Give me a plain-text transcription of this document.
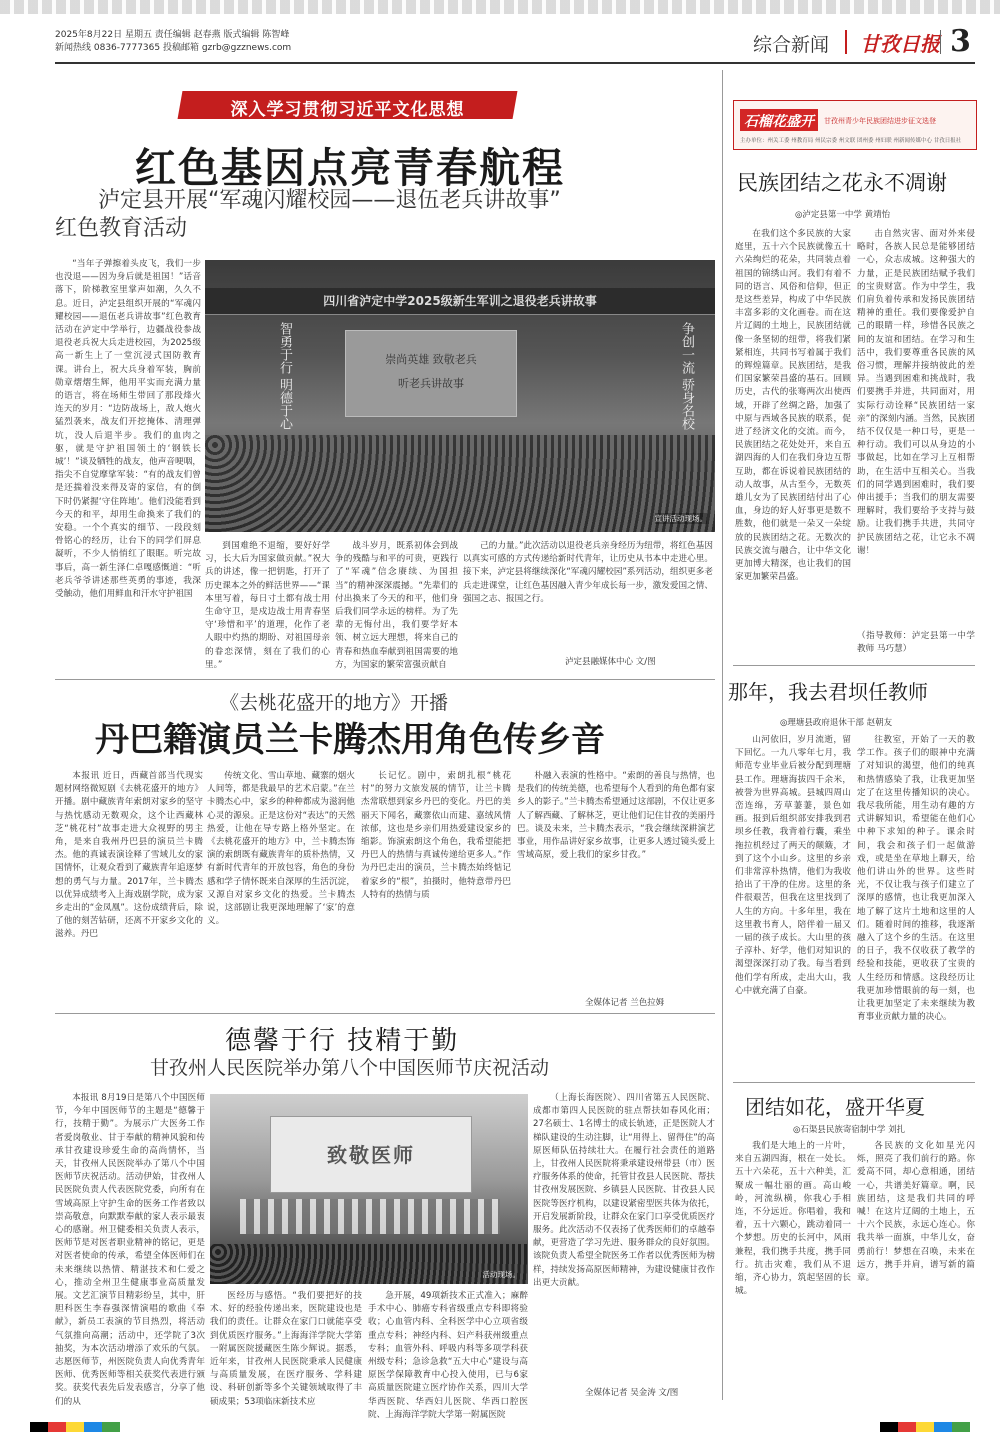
2025年8月22日 星期五 责任编辑 赵春燕 版式编辑 陈智峰
新闻热线 0836-7777365 投稿邮箱 gzrb@gzznews.com	综合新闻 甘孜日报 3
深入学习贯彻习近平文化思想
红色基因点亮青春航程
泸定县开展“军魂闪耀校园——退伍老兵讲故事”
红色教育活动

“当年子弹擦着头皮飞，我们一步也没退——因为身后就是祖国！”话音落下，阶梯教室里掌声如潮，久久不息。近日，泸定县组织开展的“军魂闪耀校园——退伍老兵讲故事”红色教育活动在泸定中学举行，边疆战役参战退役老兵祝大兵走进校园，为2025级高一新生上了一堂沉浸式国防教育课。讲台上，祝大兵身着军装，胸前勋章熠熠生辉，他用平实而充满力量的语言，将在场师生带回了那段烽火连天的岁月：“边防战场上，敌人炮火猛烈袭来，战友们开挖掩体、清理弹坑，没人后退半步。我们的血肉之躯，就是守护祖国领土的‘钢铁长城’！”谈及牺牲的战友，他声音哽咽，指尖不自觉摩挲军装：“有的战友们曾是还揣着没来得及寄的家信，有的倒下时仍紧握‘守住阵地’。他们没能看到今天的和平，却用生命换来了我们的安稳。一个个真实的细节、一段段刻骨铭心的经历，让台下的同学们屏息凝听，不少人悄悄红了眼眶。听完故事后，高一新生泽仁卓嘎感慨道：“听老兵爷爷讲述那些英勇的事迹，我深受触动，他们用鲜血和汗水守护祖国

四川省泸定中学2025级新生军训之退役老兵讲故事
智勇于行 明德于心	争创一流 骄身名校
崇尚英雄 致敬老兵
听老兵讲故事
宣讲活动现场。

到国难绝不退缩，要好好学习，长大后为国家做贡献。”祝大兵的讲述，像一把钥匙，打开了历史课本之外的鲜活世界——“课本里写着，每日寸土都有战士用生命守卫，是戍边战士用青春坚守‘珍惜和平’的道理，化作了老人眼中灼热的期盼、对祖国母亲的眷恋深情，刻在了我们的心里。”

战斗岁月，既系初体会到战争的残酷与和平的可贵，更践行了“军魂”信念赓续、为国担当”的精神深深震撼。“先辈们的付出换来了今天的和平，他们身后我们同学永远的榜样。为了先辈的无悔付出，我们要学好本领、树立远大理想，将来自己的青春和热血奉献到祖国需要的地方，为国家的繁荣富强贡献自

己的力量。”此次活动以退役老兵亲身经历为纽带，将红色基因以真实可感的方式传递给新时代青年，让历史从书本中走进心里。接下来，泸定县将继续深化“军魂闪耀校园”系列活动，组织更多老兵走进课堂，让红色基因融入青少年成长每一步，激发爱国之情、强国之志、报国之行。

泸定县融媒体中心 文/图
《去桃花盛开的地方》开播
丹巴籍演员兰卡腾杰用角色传乡音

本报讯 近日，西藏首部当代现实题材网络微短剧《去桃花盛开的地方》开播。剧中藏族青年索朗对家乡的坚守与热忱感动无数观众，这个让西藏林芝“桃花村”故事走进大众视野的男主角，是来自我州丹巴县的演员兰卡腾杰。他的真诚表演诠释了雪域儿女的家国情怀，让观众看到了藏族青年追逐梦想的勇气与力量。2017年，兰卡腾杰以优异成绩考入上海戏剧学院，成为家乡走出的“金凤凰”。这份成绩背后，除了他的刻苦钻研，还离不开家乡文化的滋养。丹巴

传统文化、雪山草地、藏寨的烟火人间等，都是我最早的艺术启蒙。”在兰卡腾杰心中，家乡的种种都成为滋润他心灵的源泉。正是这份对“表达”的天然热爱，让他在导专路上格外坚定。在《去桃花盛开的地方》中，兰卡腾杰饰演的索朗既有藏族青年的质朴热情，又有新时代青年的开放包容，角色的身份感和学子情怀既来自深厚的生活沉淀，又源自对家乡文化的热爱。兰卡腾杰说，这部剧让我更深地理解了‘家’的意义。

长记忆。剧中，索朗扎根“桃花村”的努力文旅发展的情节，让兰卡腾杰常联想到家乡丹巴的变化。丹巴的美丽天下闻名，藏寨依山而建、嘉绒风情浓郁，这也是乡亲们用热爱建设家乡的缩影。饰演索朗这个角色，我希望能把丹巴人的热情与真诚传递给更多人。”作为丹巴走出的演员，兰卡腾杰始终惦记着家乡的“根”，拍摄时，他特意带丹巴人特有的热情与质

朴融入表演的性格中。“索朗的善良与热情，也是我们的传统美德，也希望每个人看到的角色都有家乡人的影子。”兰卡腾杰希望通过这部剧，不仅让更多人了解西藏、了解林芝，更让他们记住甘孜的美丽丹巴。谈及未来，兰卡腾杰表示，“我会继续深耕演艺事业，用作品讲好家乡故事，让更多人透过镜头爱上雪域高原，爱上我们的家乡甘孜。”

全媒体记者 兰色拉姆
德馨于行 技精于勤
甘孜州人民医院举办第八个中国医师节庆祝活动

本报讯 8月19日是第八个中国医师节，今年中国医师节的主题是“德馨于行，技精于勤”。为展示广大医务工作者爱岗敬业、甘于奉献的精神风貌和传承甘孜建设珍爱生命的高尚情怀，当天，甘孜州人民医院举办了第八个中国医师节庆祝活动。活动伊始，甘孜州人民医院负责人代表医院党委，向所有在雪域高原上守护生命的医务工作者致以崇高敬意，向默默奉献的家人表示最衷心的感谢。州卫健委相关负责人表示，医师节是对医者职业精神的铭记，更是对医者使命的传承，希望全体医师们在未来继续以热情、精湛技术和仁爱之心，推动全州卫生健康事业高质量发展。文艺汇演节目精彩纷呈，其中，肝胆科医生李春强深情演唱的歌曲《奉献》，新员工表演的节目热烈，将活动气氛推向高潮；活动中，还学院了3次抽奖，为本次活动增添了欢乐的气氛。志愿医师节，州医院负责人向优秀青年医师、优秀医师等相关获奖代表进行颁奖。获奖代表先后发表感言，分享了他们的从

致敬医师
活动现场。

医经历与感悟。“我们要把好的技术、好的经验传递出来，医院建设也是我们的责任。让群众在家门口就能享受到优质医疗服务。”上海海洋学院大学第一附属医院援藏医生陈少辉说。据悉，近年来，甘孜州人民医院秉承人民健康与高质量发展，在医疗服务、学科建设、科研创新等多个关键领域取得了丰硕成果；53项临床新技术应

急开展，49项新技术正式准入；麻醉手术中心、肺癌专科省级重点专科即将验收；心血管内科、全科医学中心立项省级重点专科；神经内科、妇产科获州级重点专科；血管外科、呼吸内科等多项学科获州级专科；急诊急救“五大中心”建设与高原医学保障教育中心投入使用，已与6家高质量医院建立医疗协作关系，四川大学华西医院、华西妇儿医院、华西口腔医院、上海海洋学院大学第一附属医院

（上海长海医院）、四川省第五人民医院、成都市第四人民医院的驻点帮扶如春风化雨；27名硕士、1名博士的成长轨迹，正是医院人才梯队建设的生动注脚，让“用得上、留得住”的高原医师队伍持续壮大。在履行社会责任的道路上，甘孜州人民医院将秉承建设州带县（市）医疗服务体系的使命，托管甘孜县人民医院、帮扶甘孜州发展医院、乡镇县人民医院、甘孜县人民医院等医疗机构，以建设紧密型医共体为依托，开启发展新阶段，让群众在家门口享受优质医疗服务。此次活动不仅表扬了优秀医师们的卓越奉献，更营造了学习先进、服务群众的良好氛围。该院负责人希望全院医务工作者以优秀医师为榜样，持续发扬高原医师精神，为建设健康甘孜作出更大贡献。

全媒体记者 吴金涛 文/图
石榴花盛开 甘孜州青少年民族团结进步征文选登
主办单位：州关工委 州教育局 州民宗委 州文联 团州委 州妇联 州新闻传媒中心 甘孜日报社
民族团结之花永不凋谢
◎泸定县第一中学 黄靖怡

在我们这个多民族的大家庭里，五十六个民族就像五十六朵绚烂的花朵，共同装点着祖国的锦绣山河。我们有着不同的语言、风俗和信仰，但正是这些差异，构成了中华民族丰富多彩的文化画卷。而在这片辽阔的土地上，民族团结就像一条坚韧的纽带，将我们紧紧相连，共同书写着属于我们的辉煌篇章。民族团结，是我们国家繁荣昌盛的基石。回顾历史，古代的张骞两次出使西域，开辟了丝绸之路，加强了中原与西域各民族的联系，促进了经济文化的交流。而今，民族团结之花处处开，来自五湖四海的人们在我们身边互帮互助，都在诉说着民族团结的动人故事，从古至今，无数英雄儿女为了民族团结付出了心血，身边的好人好事更是数不胜数，他们就是一朵又一朵绽放的民族团结之花。无数次的民族交流与融合，让中华文化更加博大精深，也让我们的国家更加繁荣昌盛。

击自然灾害、面对外来侵略时，各族人民总是能够团结一心，众志成城。这种强大的力量，正是民族团结赋予我们的宝贵财富。作为中学生，我们肩负着传承和发扬民族团结精神的重任。我们要像爱护自己的眼睛一样，珍惜各民族之间的友谊和团结。在学习和生活中，我们要尊重各民族的风俗习惯，理解并接纳彼此的差异。当遇到困难和挑战时，我们要携手并进，共同面对，用实际行动诠释“民族团结一家亲”的深刻内涵。当然，民族团结不仅仅是一种口号，更是一种行动。我们可以从身边的小事做起，比如在学习上互相帮助，在生活中互相关心。当我们的同学遇到困难时，我们要伸出援手；当我们的朋友需要理解时，我们要给予支持与鼓励。让我们携手共进，共同守护民族团结之花，让它永不凋谢！

（指导教师：泸定县第一中学教师 马巧慧）
那年，我去君坝任教师
◎理塘县政府退休干部 赵朝友

山河依旧，岁月流逝，留下回忆。一九八零年七月，我师范专业毕业后被分配到理塘县工作。理塘海拔四千余米，被誉为世界高城。县城四周山峦连绵，芳草萋萋，景色如画。报到后组织部安排我到君坝乡任教，我背着行囊，乘坐拖拉机经过了两天的颠簸，才到了这个小山乡。这里的乡亲们非常淳朴热情，他们为我收拾出了干净的住房。这里的条件很艰苦，但我在这里找到了人生的方向。十多年里，我在这里教书育人，陪伴着一届又一届的孩子成长。大山里的孩子淳朴、好学，他们对知识的渴望深深打动了我。每当看到他们学有所成，走出大山，我心中就充满了自豪。

往教室，开始了一天的教学工作。孩子们的眼神中充满了对知识的渴望，他们的纯真和热情感染了我，让我更加坚定了在这里传播知识的决心。我尽我所能，用生动有趣的方式讲解知识，希望能在他们心中种下求知的种子。课余时间，我会和孩子们一起做游戏，或是坐在草地上聊天，给他们讲山外的世界。这些时光，不仅让我与孩子们建立了深厚的感情，也让我更加深入地了解了这片土地和这里的人们。随着时间的推移，我逐渐融入了这个乡的生活。在这里的日子，我不仅收获了教学的经验和技能，更收获了宝贵的人生经历和情感。这段经历让我更加珍惜眼前的每一刻，也让我更加坚定了未来继续为教育事业贡献力量的决心。

团结如花，盛开华夏
◎石渠县民族寄宿制中学 刘扎

我们是大地上的一片叶，来自五湖四海，根在一处长。五十六朵花，五十六种美，汇聚成一幅壮丽的画。高山峻岭，河流纵横，你我心手相连，不分远近。你唱着，我和着，五十六颗心，跳动着同一个梦想。历史的长河中，风雨兼程，我们携手共度，携手同行。抗击灾难，我们从不退缩，齐心协力，筑起坚固的长城。

各民族的文化如星光闪烁，照亮了我们前行的路。你爱高不同，却心意相通，团结一心，共谱美好篇章。啊，民族团结，这是我们共同的呼喊！在这片辽阔的土地上，五十六个民族，永远心连心。你我共举一面旗，中华儿女，奋勇前行！梦想在召唤，未来在远方，携手并肩，谱写新的篇章。
